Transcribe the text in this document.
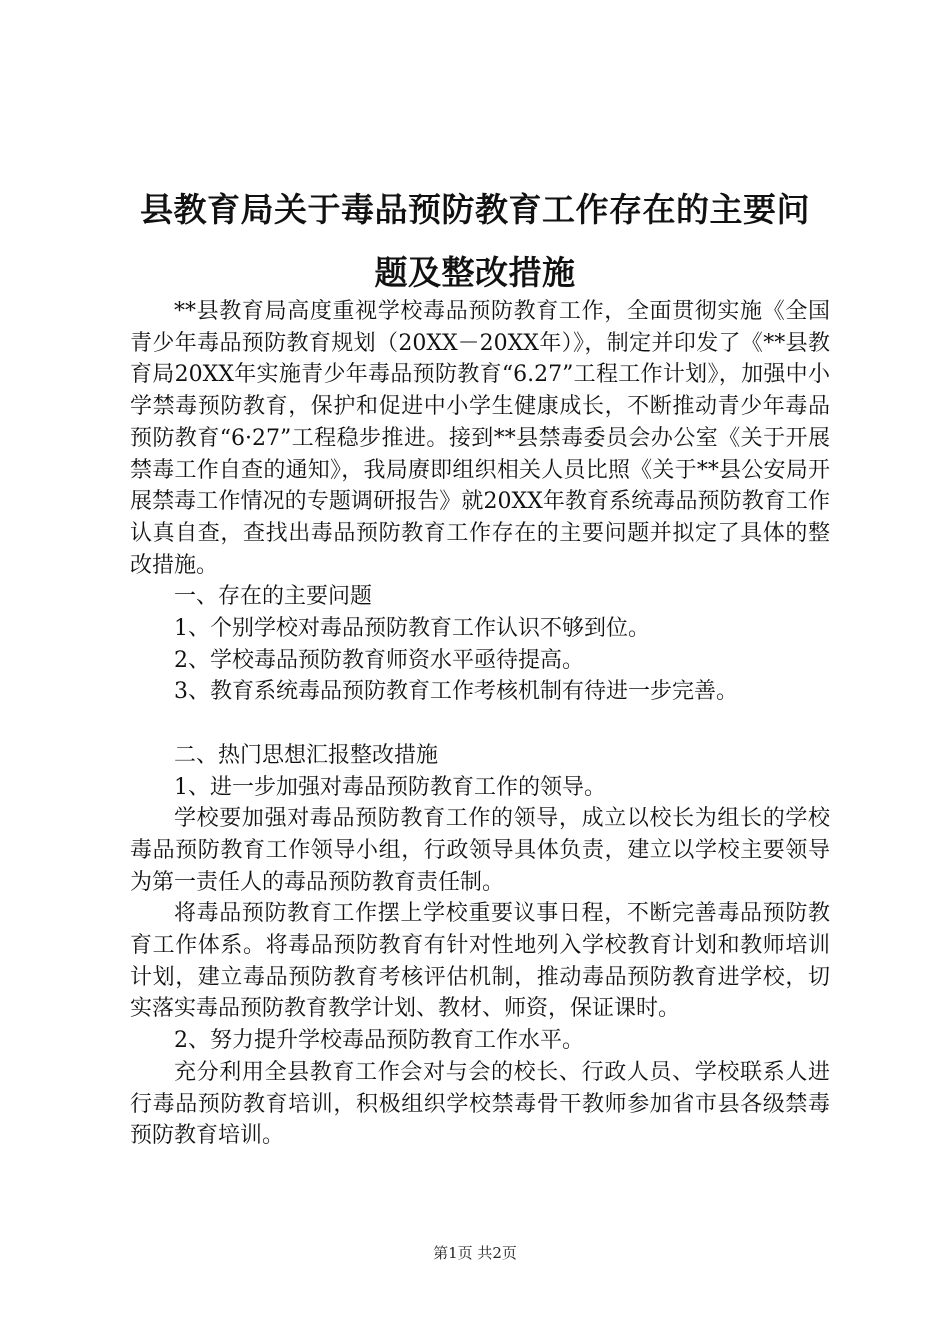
县教育局关于毒品预防教育工作存在的主要问
题及整改措施

**县教育局高度重视学校毒品预防教育工作，全面贯彻实施《全国青少年毒品预防教育规划（20XX－20XX年）》，制定并印发了《**县教育局20XX年实施青少年毒品预防教育“6.27”工程工作计划》，加强中小学禁毒预防教育，保护和促进中小学生健康成长，不断推动青少年毒品预防教育“6·27”工程稳步推进。接到**县禁毒委员会办公室《关于开展禁毒工作自查的通知》，我局赓即组织相关人员比照《关于**县公安局开展禁毒工作情况的专题调研报告》就20XX年教育系统毒品预防教育工作认真自查，查找出毒品预防教育工作存在的主要问题并拟定了具体的整改措施。

一、存在的主要问题

1、个别学校对毒品预防教育工作认识不够到位。

2、学校毒品预防教育师资水平亟待提高。

3、教育系统毒品预防教育工作考核机制有待进一步完善。

二、热门思想汇报整改措施

1、进一步加强对毒品预防教育工作的领导。

学校要加强对毒品预防教育工作的领导，成立以校长为组长的学校毒品预防教育工作领导小组，行政领导具体负责，建立以学校主要领导为第一责任人的毒品预防教育责任制。

将毒品预防教育工作摆上学校重要议事日程，不断完善毒品预防教育工作体系。将毒品预防教育有针对性地列入学校教育计划和教师培训计划，建立毒品预防教育考核评估机制，推动毒品预防教育进学校，切实落实毒品预防教育教学计划、教材、师资，保证课时。

2、努力提升学校毒品预防教育工作水平。

充分利用全县教育工作会对与会的校长、行政人员、学校联系人进行毒品预防教育培训，积极组织学校禁毒骨干教师参加省市县各级禁毒预防教育培训。

第1页 共2页
